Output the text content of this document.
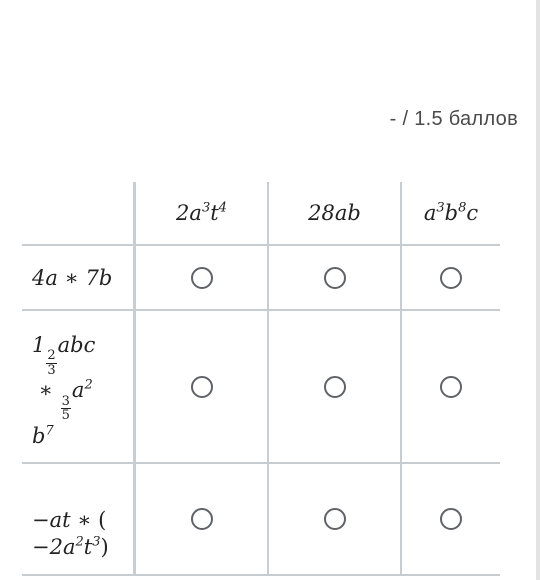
- / 1.5 баллов
$2a^3t^4$	28ab	$a^3b^8c$
4a ∗ 7b
1
$\frac{2}{3}$
abc
∗
$\frac{3}{5}$
$a^2$
$b^7$
−at ∗ (
$-2a^2t^3$)
